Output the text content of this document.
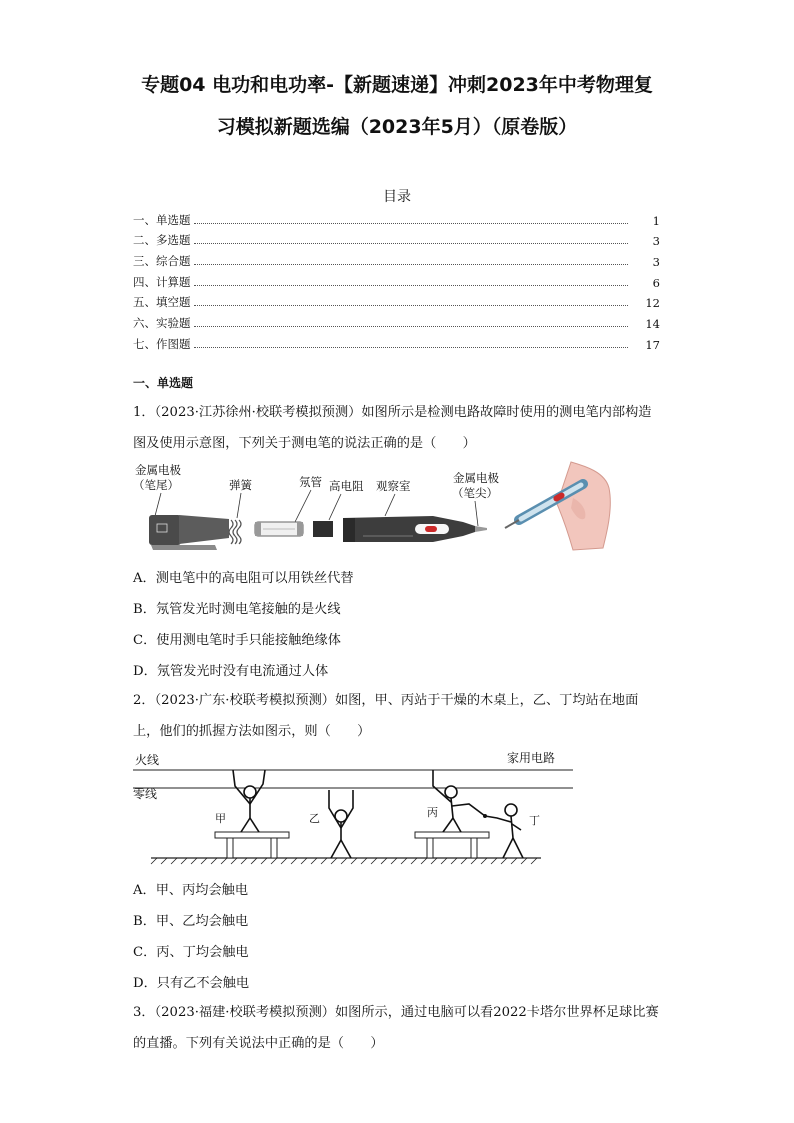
专题04 电功和电功率-【新题速递】冲刺2023年中考物理复
习模拟新题选编（2023年5月）（原卷版）
目录
一、单选题	1
二、多选题	3
三、综合题	3
四、计算题	6
五、填空题	12
六、实验题	14
七、作图题	17
一、单选题
1．（2023·江苏徐州·校联考模拟预测）如图所示是检测电路故障时使用的测电笔内部构造图及使用示意图，下列关于测电笔的说法正确的是（　　）
金属电极
（笔尾）	弹簧	氖管 高电阻 观察室
金属电极
（笔尖）
A．测电笔中的高电阻可以用铁丝代替
B．氖管发光时测电笔接触的是火线
C．使用测电笔时手只能接触绝缘体
D．氖管发光时没有电流通过人体
2．（2023·广东·校联考模拟预测）如图，甲、丙站于干燥的木桌上，乙、丁均站在地面上，他们的抓握方法如图示，则（　　）
火线
零线
家用电路
甲	乙	丙
丁
A．甲、丙均会触电
B．甲、乙均会触电
C．丙、丁均会触电
D．只有乙不会触电
3．（2023·福建·校联考模拟预测）如图所示，通过电脑可以看2022卡塔尔世界杯足球比赛的直播。下列有关说法中正确的是（　　）
